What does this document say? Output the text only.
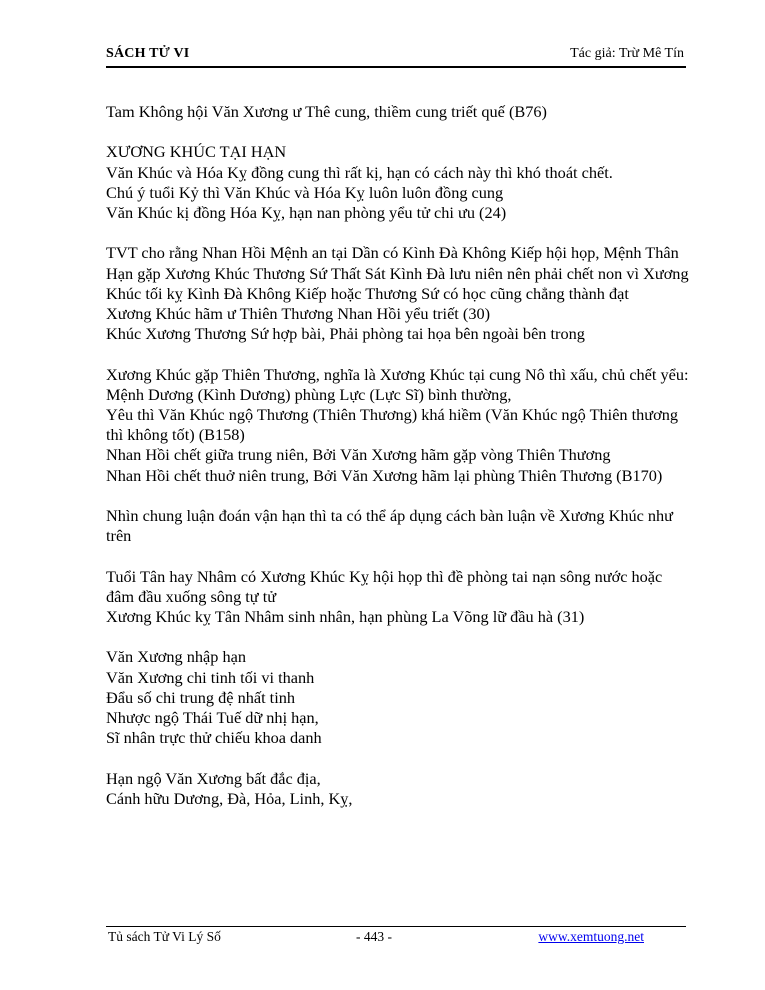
SÁCH TỬ VI	Tác giả: Trừ Mê Tín
Tam Không hội Văn Xương ư Thê cung, thiềm cung triết quế (B76)
XƯƠNG KHÚC TẠI HẠN
Văn Khúc và Hóa Kỵ đồng cung thì rất kị, hạn có cách này thì khó thoát chết.
Chú ý tuổi Kỷ thì Văn Khúc và Hóa Kỵ luôn luôn đồng cung
Văn Khúc kị đồng Hóa Kỵ, hạn nan phòng yểu tử chi ưu (24)
TVT cho rằng Nhan Hồi Mệnh an tại Dần có Kình Đà Không Kiếp hội họp, Mệnh Thân Hạn gặp Xương Khúc Thương Sứ Thất Sát Kình Đà lưu niên nên phải chết non vì Xương Khúc tối kỵ Kình Đà Không Kiếp hoặc Thương Sứ có học cũng chẳng thành đạt
Xương Khúc hãm ư Thiên Thương Nhan Hồi yểu triết (30)
Khúc Xương Thương Sứ hợp bài, Phải phòng tai họa bên ngoài bên trong
Xương Khúc gặp Thiên Thương, nghĩa là Xương Khúc tại cung Nô thì xấu, chủ chết yểu:
Mệnh Dương (Kình Dương) phùng Lực (Lực Sĩ) bình thường,
Yêu thì Văn Khúc ngộ Thương (Thiên Thương) khá hiềm (Văn Khúc ngộ Thiên thương thì không tốt) (B158)
Nhan Hồi chết giữa trung niên, Bởi Văn Xương hãm gặp vòng Thiên Thương
Nhan Hồi chết thuở niên trung, Bởi Văn Xương hãm lại phùng Thiên Thương (B170)
Nhìn chung luận đoán vận hạn thì ta có thể áp dụng cách bàn luận về Xương Khúc như trên
Tuổi Tân hay Nhâm có Xương Khúc Kỵ hội họp thì đề phòng tai nạn sông nước hoặc đâm đầu xuống sông tự tử
Xương Khúc kỵ Tân Nhâm sinh nhân, hạn phùng La Võng lữ đầu hà (31)
Văn Xương nhập hạn
Văn Xương chi tinh tối vi thanh
Đẩu số chi trung đệ nhất tinh
Nhược ngộ Thái Tuế dữ nhị hạn,
Sĩ nhân trực thử chiếu khoa danh
Hạn ngộ Văn Xương bất đắc địa,
Cánh hữu Dương, Đà, Hỏa, Linh, Kỵ,
Tủ sách Tử Vi Lý Số	- 443 -	www.xemtuong.net
